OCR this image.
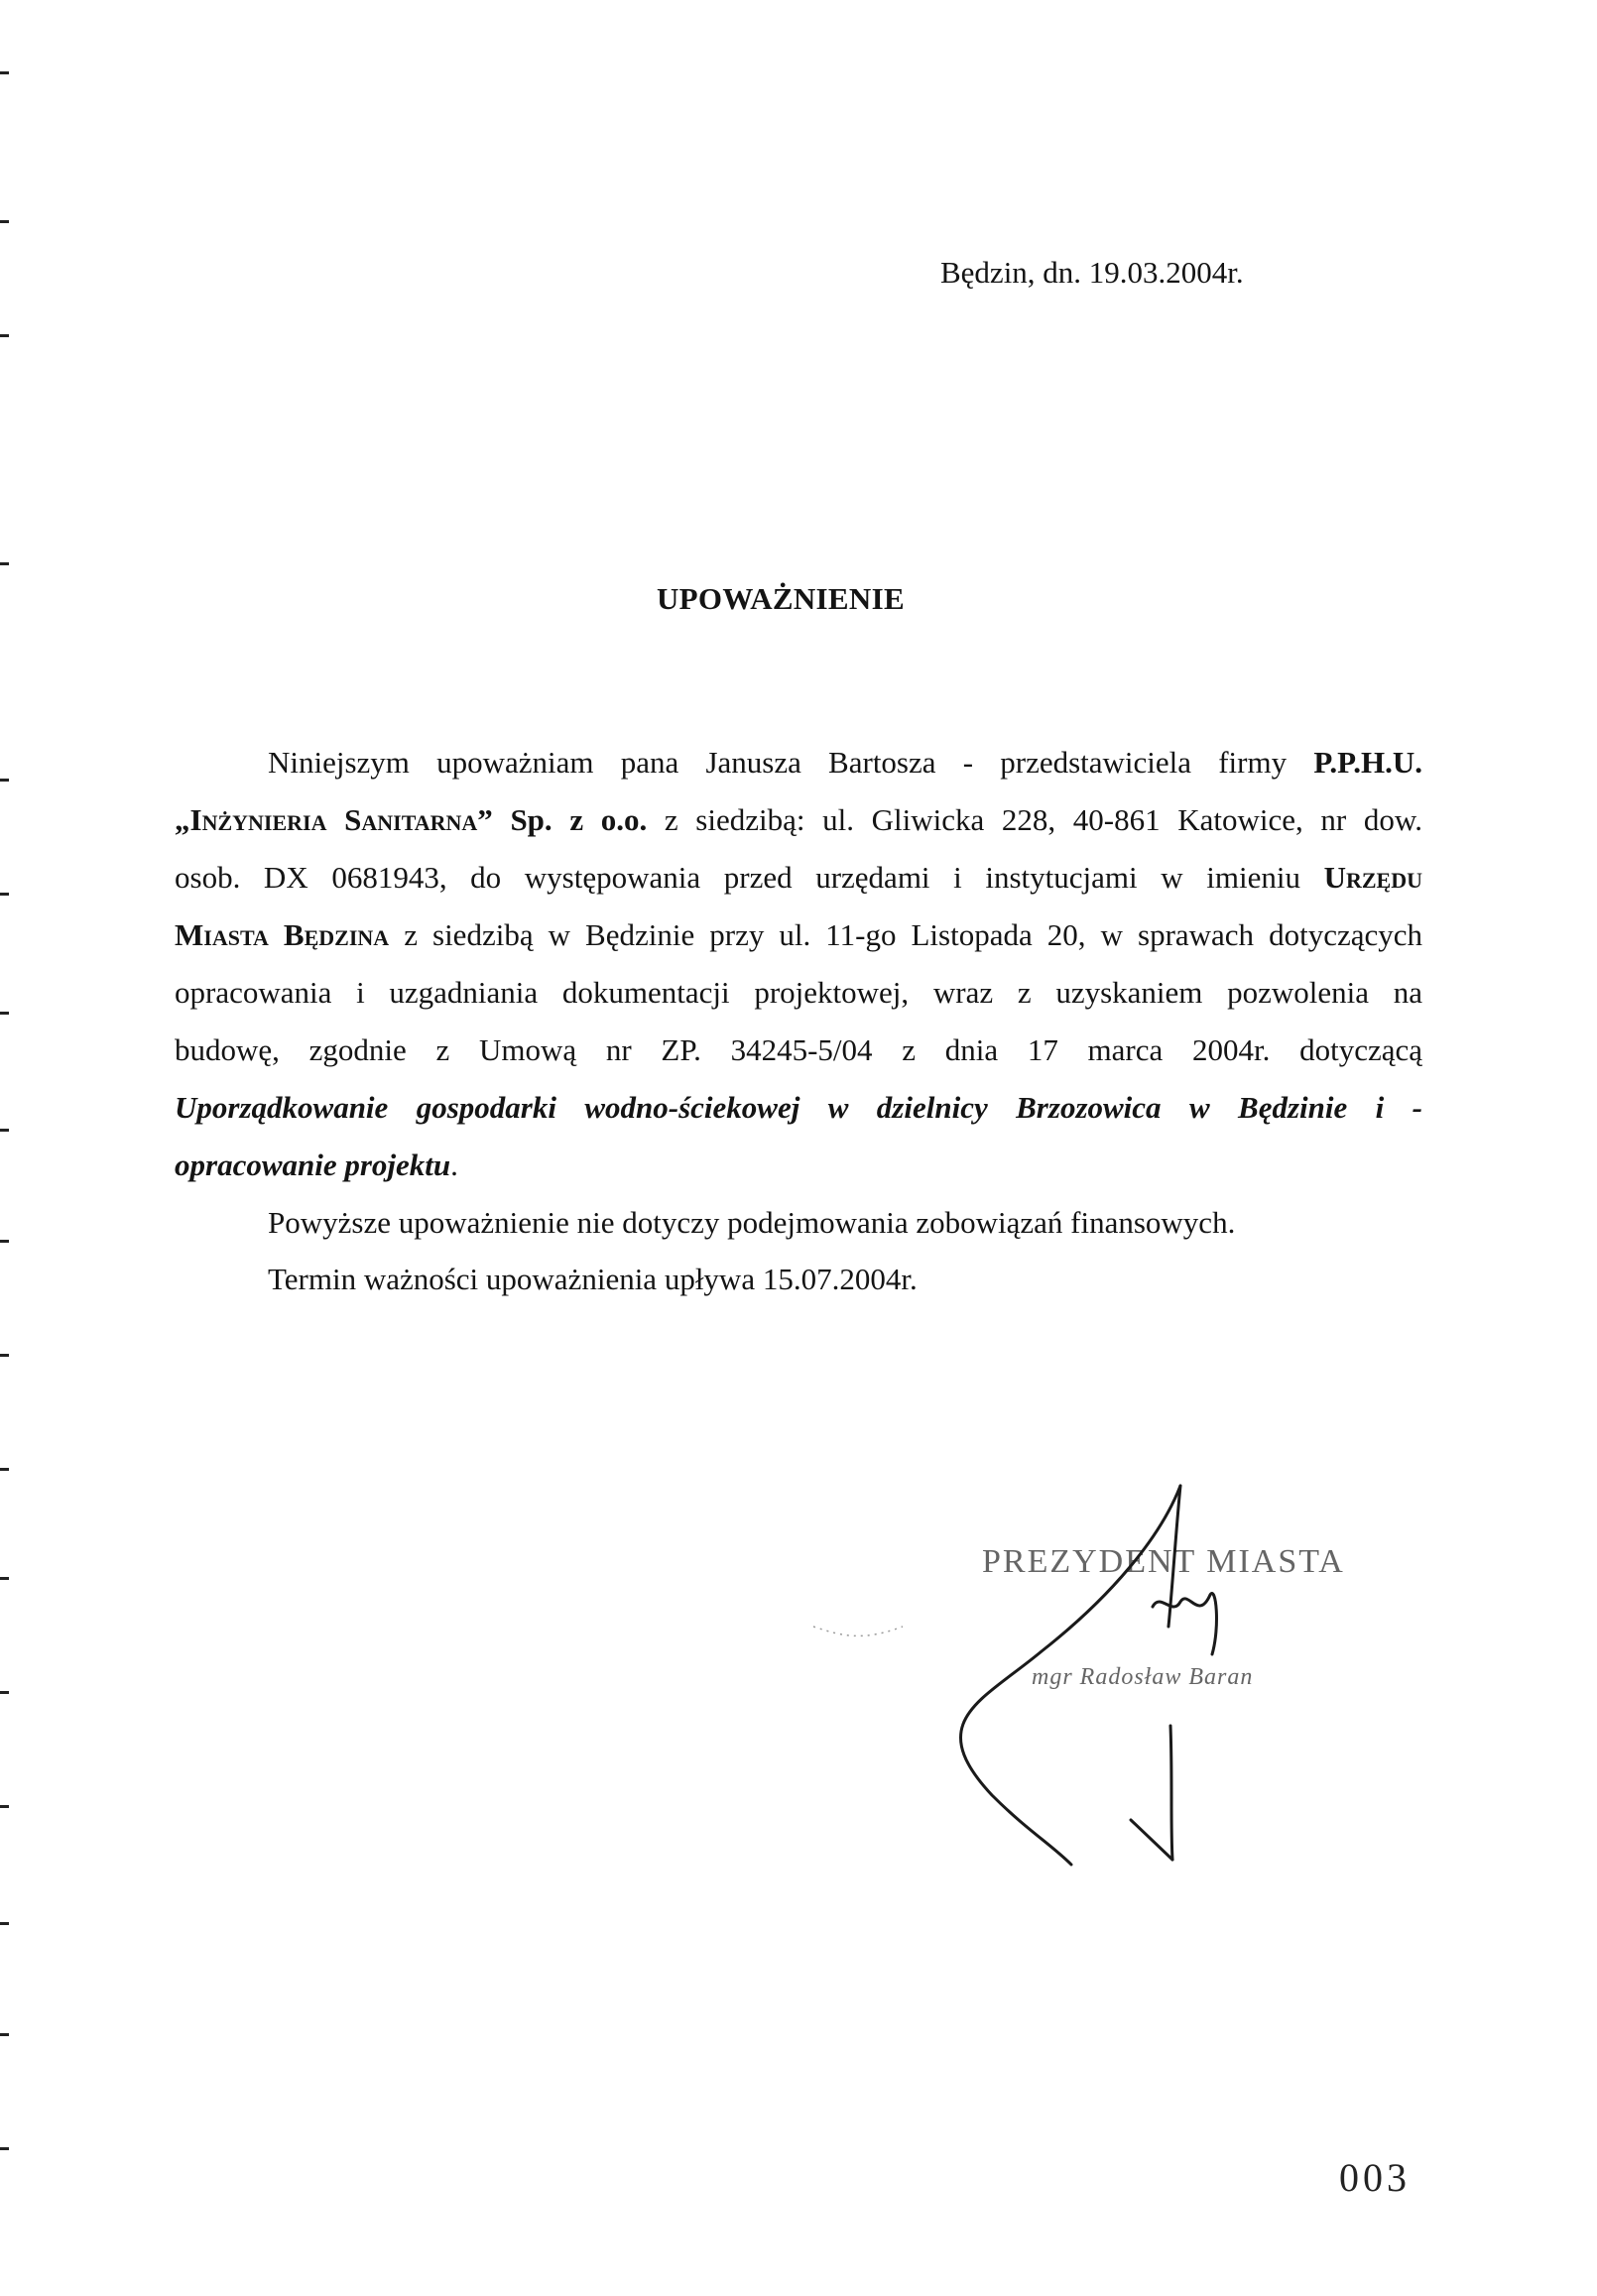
Będzin, dn. 19.03.2004r.
UPOWAŻNIENIE
Niniejszym upoważniam pana Janusza Bartosza - przedstawiciela firmy P.P.H.U.
„Inżynieria Sanitarna” Sp. z o.o. z siedzibą: ul. Gliwicka 228, 40-861 Katowice, nr dow.
osob. DX 0681943, do występowania przed urzędami i instytucjami w imieniu Urzędu
Miasta Będzina z siedzibą w Będzinie przy ul. 11-go Listopada 20, w sprawach dotyczących
opracowania i uzgadniania dokumentacji projektowej, wraz z uzyskaniem pozwolenia na
budowę, zgodnie z Umową nr ZP. 34245-5/04 z dnia 17 marca 2004r. dotyczącą
Uporządkowanie gospodarki wodno-ściekowej w dzielnicy Brzozowica w Będzinie i -
opracowanie projektu.
Powyższe upoważnienie nie dotyczy podejmowania zobowiązań finansowych.
Termin ważności upoważnienia upływa 15.07.2004r.
PREZYDENT MIASTA
mgr Radosław Baran
003
